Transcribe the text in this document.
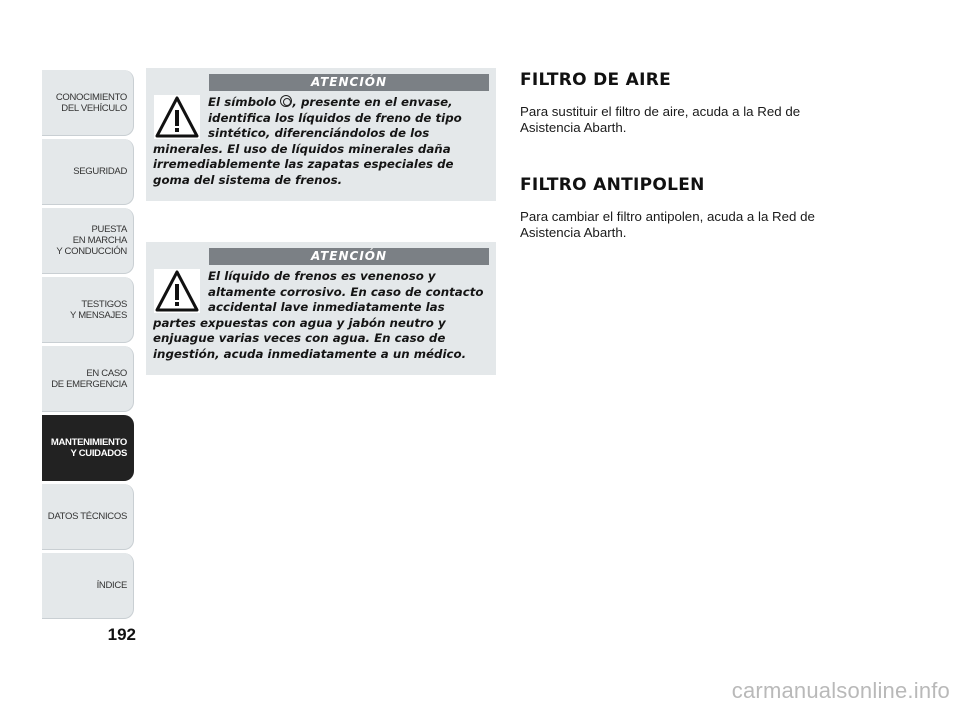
CONOCIMIENTO
DEL VEHÍCULO
SEGURIDAD
PUESTA
EN MARCHA
Y CONDUCCIÓN
TESTIGOS
Y MENSAJES
EN CASO
DE EMERGENCIA
MANTENIMIENTO
Y CUIDADOS
DATOS TÉCNICOS
ÍNDICE
192
ATENCIÓN
El símbolo , presente en el envase, identifica los líquidos de freno de tipo sintético, diferenciándolos de los minerales. El uso de líquidos minerales daña irremediablemente las zapatas especiales de goma del sistema de frenos.
ATENCIÓN
El líquido de frenos es venenoso y altamente corrosivo. En caso de contacto accidental lave inmediatamente las partes expuestas con agua y jabón neutro y enjuague varias veces con agua. En caso de ingestión, acuda inmediatamente a un médico.
FILTRO DE AIRE

Para sustituir el filtro de aire, acuda a la Red de Asistencia Abarth.

FILTRO ANTIPOLEN

Para cambiar el filtro antipolen, acuda a la Red de Asistencia Abarth.

carmanualsonline.info
